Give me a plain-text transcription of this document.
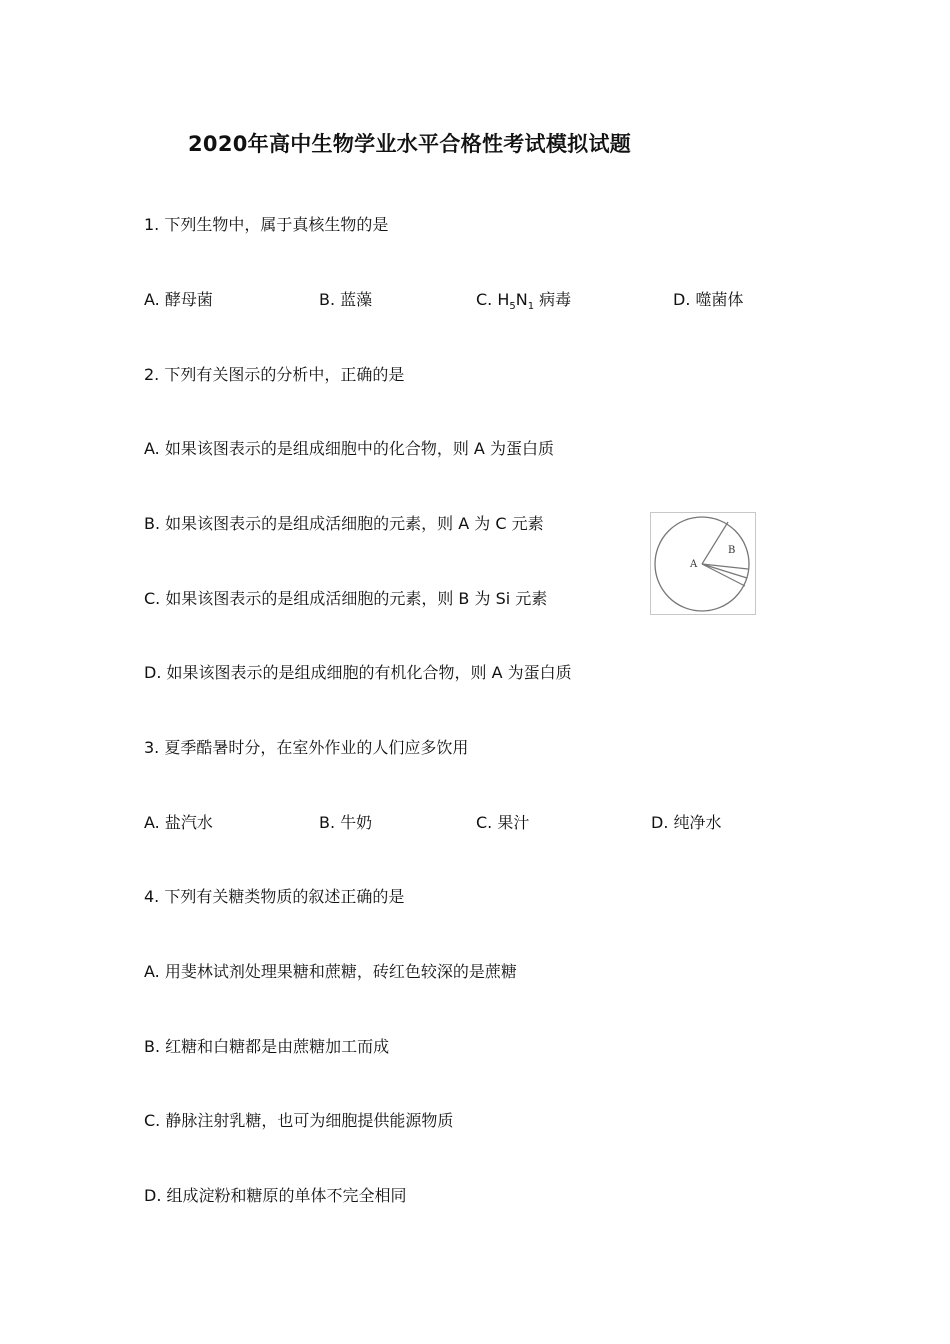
2020年高中生物学业水平合格性考试模拟试题
1. 下列生物中，属于真核生物的是
A. 酵母菌	B. 蓝藻	C. $H_5N_1$ 病毒	D. 噬菌体
2. 下列有关图示的分析中，正确的是
A. 如果该图表示的是组成细胞中的化合物，则 A 为蛋白质
B. 如果该图表示的是组成活细胞的元素，则 A 为 C 元素
C. 如果该图表示的是组成活细胞的元素，则 B 为 Si 元素
D. 如果该图表示的是组成细胞的有机化合物，则 A 为蛋白质
A
B
3. 夏季酷暑时分，在室外作业的人们应多饮用
A. 盐汽水	B. 牛奶	C. 果汁	D. 纯净水
4. 下列有关糖类物质的叙述正确的是
A. 用斐林试剂处理果糖和蔗糖，砖红色较深的是蔗糖
B. 红糖和白糖都是由蔗糖加工而成
C. 静脉注射乳糖，也可为细胞提供能源物质
D. 组成淀粉和糖原的单体不完全相同
